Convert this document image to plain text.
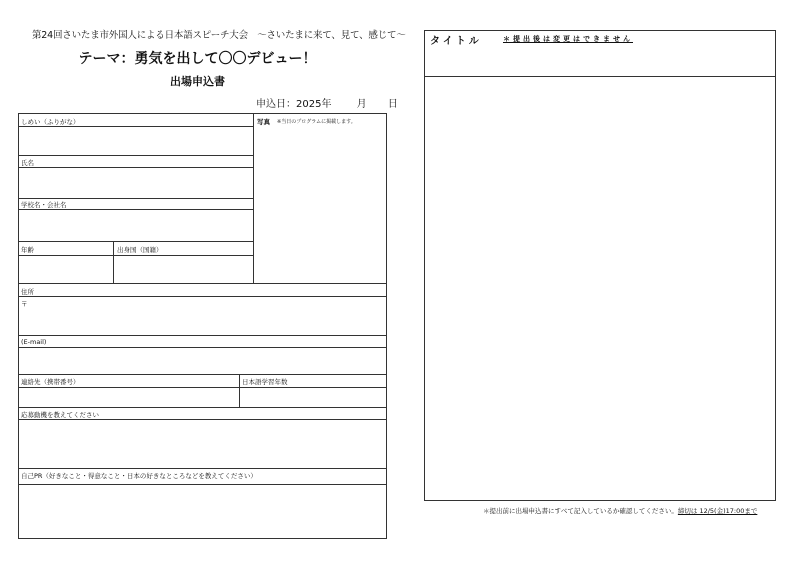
第24回さいたま市外国人による日本語スピーチ大会　～さいたまに来て、見て、感じて～
テーマ：勇気を出して〇〇デビュー！
出場申込書
申込日：2025年	月 日
しめい（ふりがな）
氏名
写真 ※当日のプログラムに掲載します。
学校名・会社名
年齢	出身国（国籍）
住所
〒
(E-mail)
連絡先（携帯番号）	日本語学習年数
応募動機を教えてください
自己PR（好きなこと・得意なこと・日本の好きなところなどを教えてください）
タイトル	＊提出後は変更はできません
＊提出前に出場申込書にすべて記入しているか確認してください。締切は 12/5(金)17:00まで
